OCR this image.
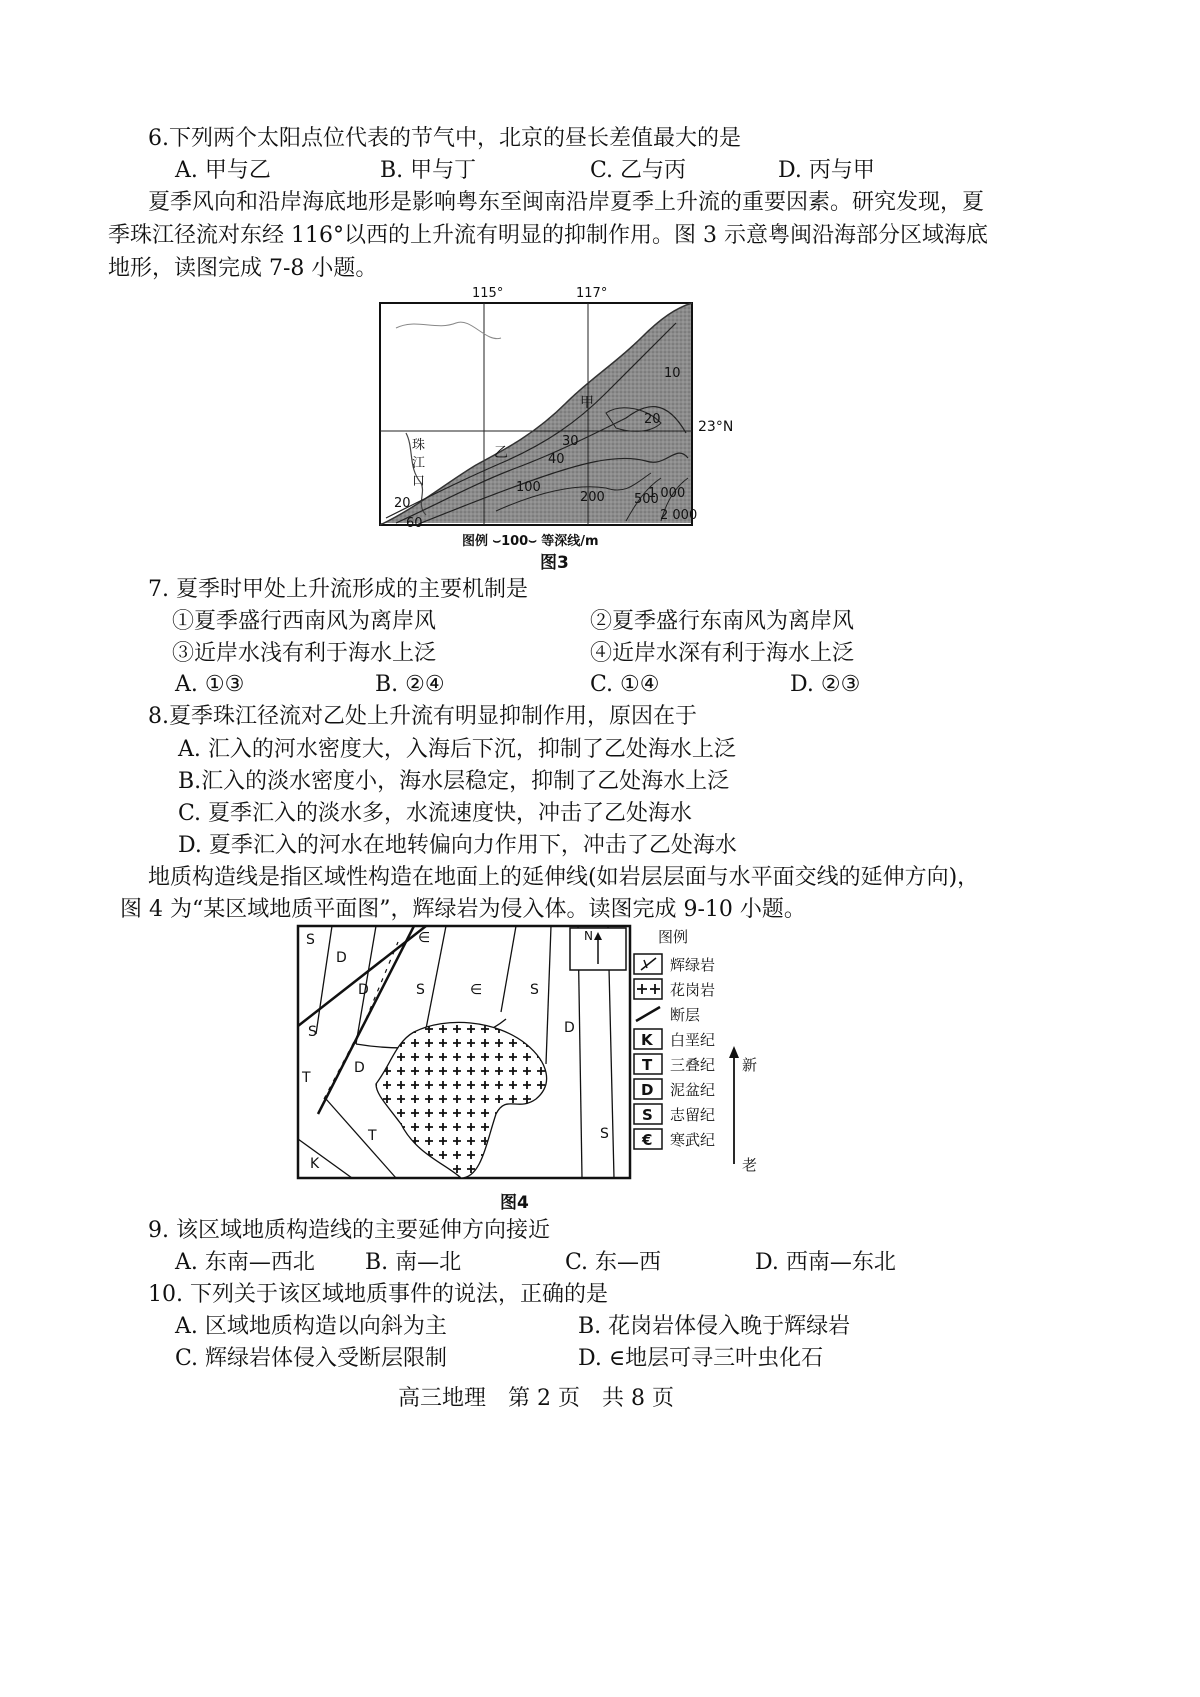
6.下列两个太阳点位代表的节气中，北京的昼长差值最大的是
A. 甲与乙	B. 甲与丁	C. 乙与丙	D. 丙与甲
夏季风向和沿岸海底地形是影响粤东至闽南沿岸夏季上升流的重要因素。研究发现，夏
季珠江径流对东经 116°以西的上升流有明显的抑制作用。图 3 示意粤闽沿海部分区域海底
地形，读图完成 7-8 小题。
115°	117°
10
20
30
40
20
60
100
200 500
1 000
2 000
23°N
甲
乙
珠
江
口
图例 ⌣100⌣ 等深线/m
图3
7. 夏季时甲处上升流形成的主要机制是
①夏季盛行西南风为离岸风	②夏季盛行东南风为离岸风
③近岸水浅有利于海水上泛	④近岸水深有利于海水上泛
A. ①③	B. ②④	C. ①④	D. ②③
8.夏季珠江径流对乙处上升流有明显抑制作用，原因在于
A. 汇入的河水密度大，入海后下沉，抑制了乙处海水上泛
B.汇入的淡水密度小，海水层稳定，抑制了乙处海水上泛
C. 夏季汇入的淡水多，水流速度快，冲击了乙处海水
D. 夏季汇入的河水在地转偏向力作用下，冲击了乙处海水
地质构造线是指区域性构造在地面上的延伸线(如岩层层面与水平面交线的延伸方向)，
图 4 为“某区域地质平面图”，辉绿岩为侵入体。读图完成 9-10 小题。
S
D
∈
D	S	∈	S
S	D
T
D
T	S
K
N	图例
K
T
D
S
€
辉绿岩
花岗岩
断层
白垩纪
三叠纪
泥盆纪
志留纪
寒武纪
新
老
图4
9. 该区域地质构造线的主要延伸方向接近
A. 东南—西北 B. 南—北	C. 东—西	D. 西南—东北
10. 下列关于该区域地质事件的说法，正确的是
A. 区域地质构造以向斜为主	B. 花岗岩体侵入晚于辉绿岩
C. 辉绿岩体侵入受断层限制	D. ∈地层可寻三叶虫化石
高三地理　第 2 页　共 8 页
